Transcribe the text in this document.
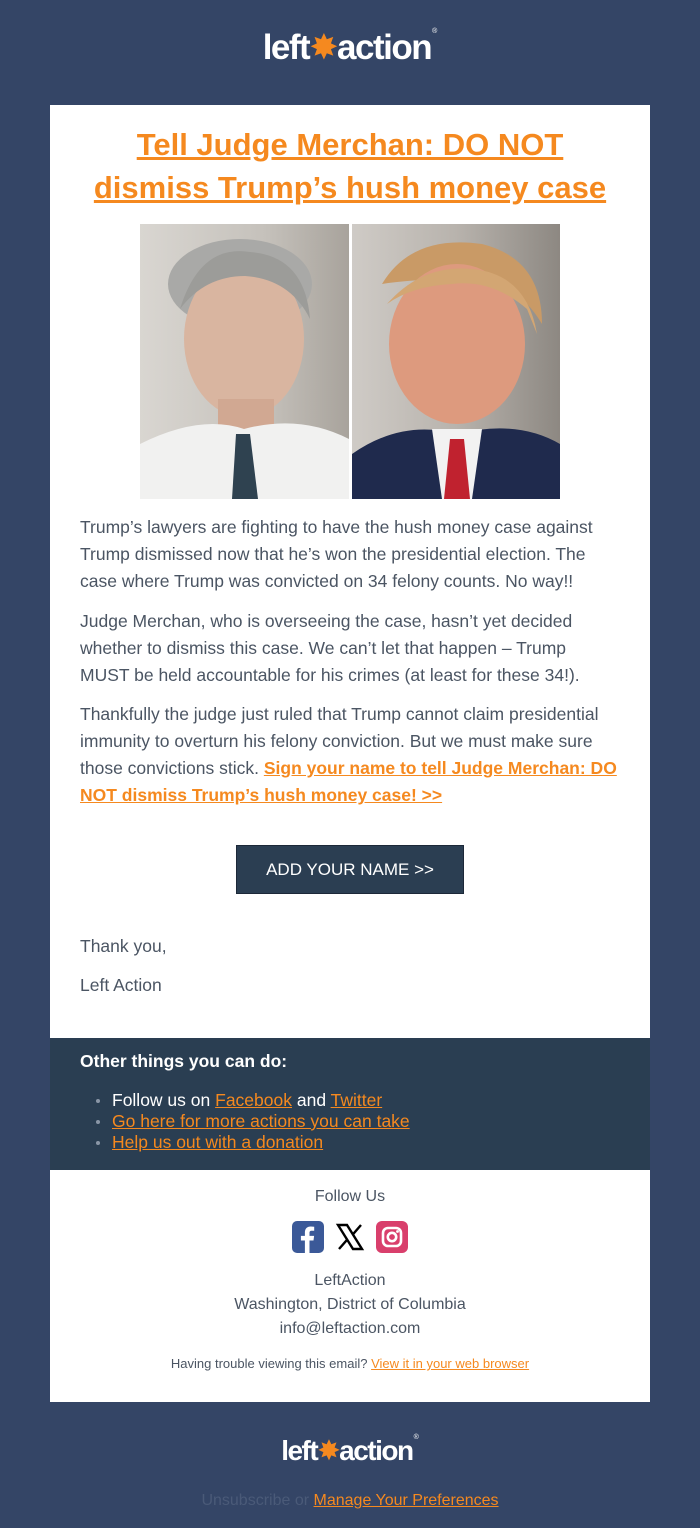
left✸action®
Tell Judge Merchan: DO NOT dismiss Trump’s hush money case

Trump’s lawyers are fighting to have the hush money case against Trump dismissed now that he’s won the presidential election. The case where Trump was convicted on 34 felony counts. No way!!

Judge Merchan, who is overseeing the case, hasn’t yet decided whether to dismiss this case. We can’t let that happen – Trump MUST be held accountable for his crimes (at least for these 34!).

Thankfully the judge just ruled that Trump cannot claim presidential immunity to overturn his felony conviction. But we must make sure those convictions stick. Sign your name to tell Judge Merchan: DO NOT dismiss Trump’s hush money case! >>

ADD YOUR NAME >>

Thank you,

Left Action

Other things you can do:
Follow us on Facebook and Twitter
Go here for more actions you can take
Help us out with a donation
Follow Us
LeftAction
Washington, District of Columbia
info@leftaction.com
Having trouble viewing this email? View it in your web browser
left✸action®
Unsubscribe or Manage Your Preferences
